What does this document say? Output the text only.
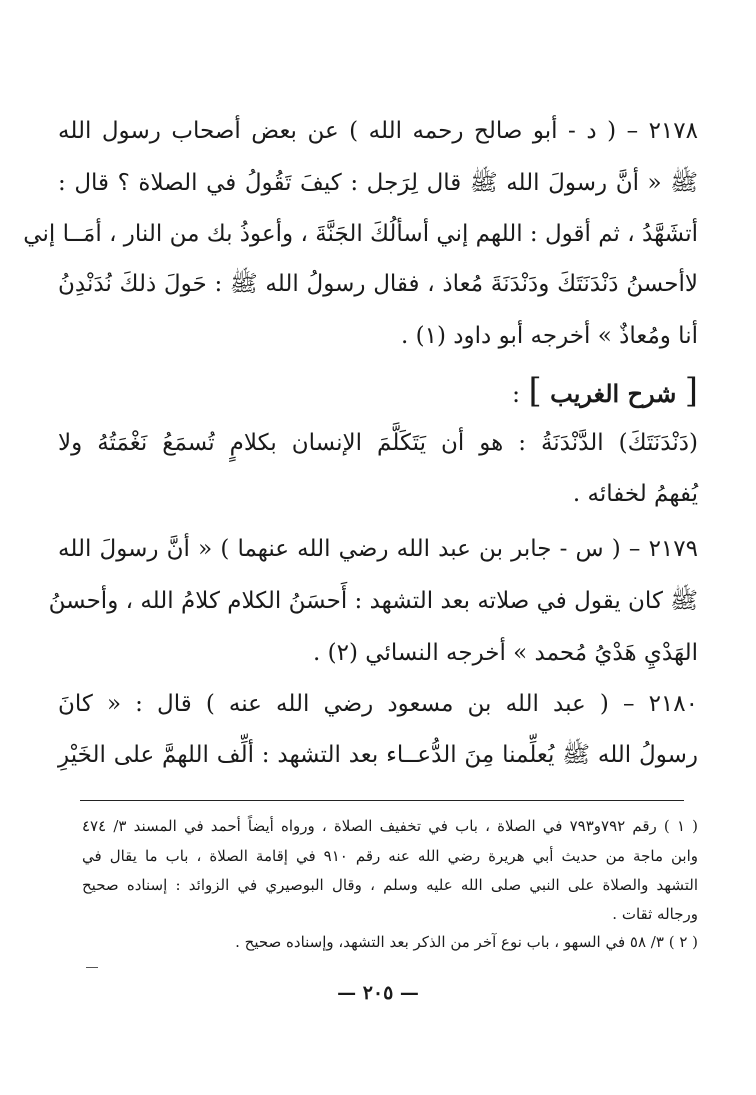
٢١٧٨ – ( د - أبو صالح رحمه الله ) عن بعض أصحاب رسول الله
ﷺ « أنَّ رسولَ الله ﷺ قال لِرَجل : كيفَ تَقُولُ في الصلاة ؟ قال :
أتشَهَّدُ ، ثم أقول : اللهم إني أسألُكَ الجَنَّةَ ، وأعوذُ بك من النار ، أمَــا إني
لاأحسنُ دَنْدَنَتَكَ ودَنْدَنَةَ مُعاذ ، فقال رسولُ الله ﷺ : حَولَ ذلكَ نُدَنْدِنُ
أنا ومُعاذٌ » أخرجه أبو داود (١) .
[ شرح الغريب ] :
(دَنْدَنَتَكَ) الدَّنْدَنَةُ : هو أن يَتَكَلَّمَ الإنسان بكلامٍ تُسمَعُ نَغْمَتُهُ ولا
يُفهمُ لخفائه .
٢١٧٩ – ( س - جابر بن عبد الله رضي الله عنهما ) « أنَّ رسولَ الله
ﷺ كان يقول في صلاته بعد التشهد : أَحسَنُ الكلام كلامُ الله ، وأحسنُ
الهَدْيِ هَدْيُ مُحمد » أخرجه النسائي (٢) .
٢١٨٠ – ( عبد الله بن مسعود رضي الله عنه ) قال : « كانَ
رسولُ الله ﷺ يُعلِّمنا مِنَ الدُّعــاء بعد التشهد : ألِّف اللهمَّ على الخَيْرِ
( ١ ) رقم ٧٩٢و٧٩٣ في الصلاة ، باب في تخفيف الصلاة ، ورواه أيضاً أحمد في المسند ٣/ ٤٧٤
وابن ماجة من حديث أبي هريرة رضي الله عنه رقم ٩١٠ في إقامة الصلاة ، باب ما يقال في
التشهد والصلاة على النبي صلى الله عليه وسلم ، وقال البوصيري في الزوائد : إسناده صحيح
ورجاله ثقات .
( ٢ ) ٣/ ٥٨ في السهو ، باب نوع آخر من الذكر بعد التشهد، وإسناده صحيح .
— ٢٠٥ —
